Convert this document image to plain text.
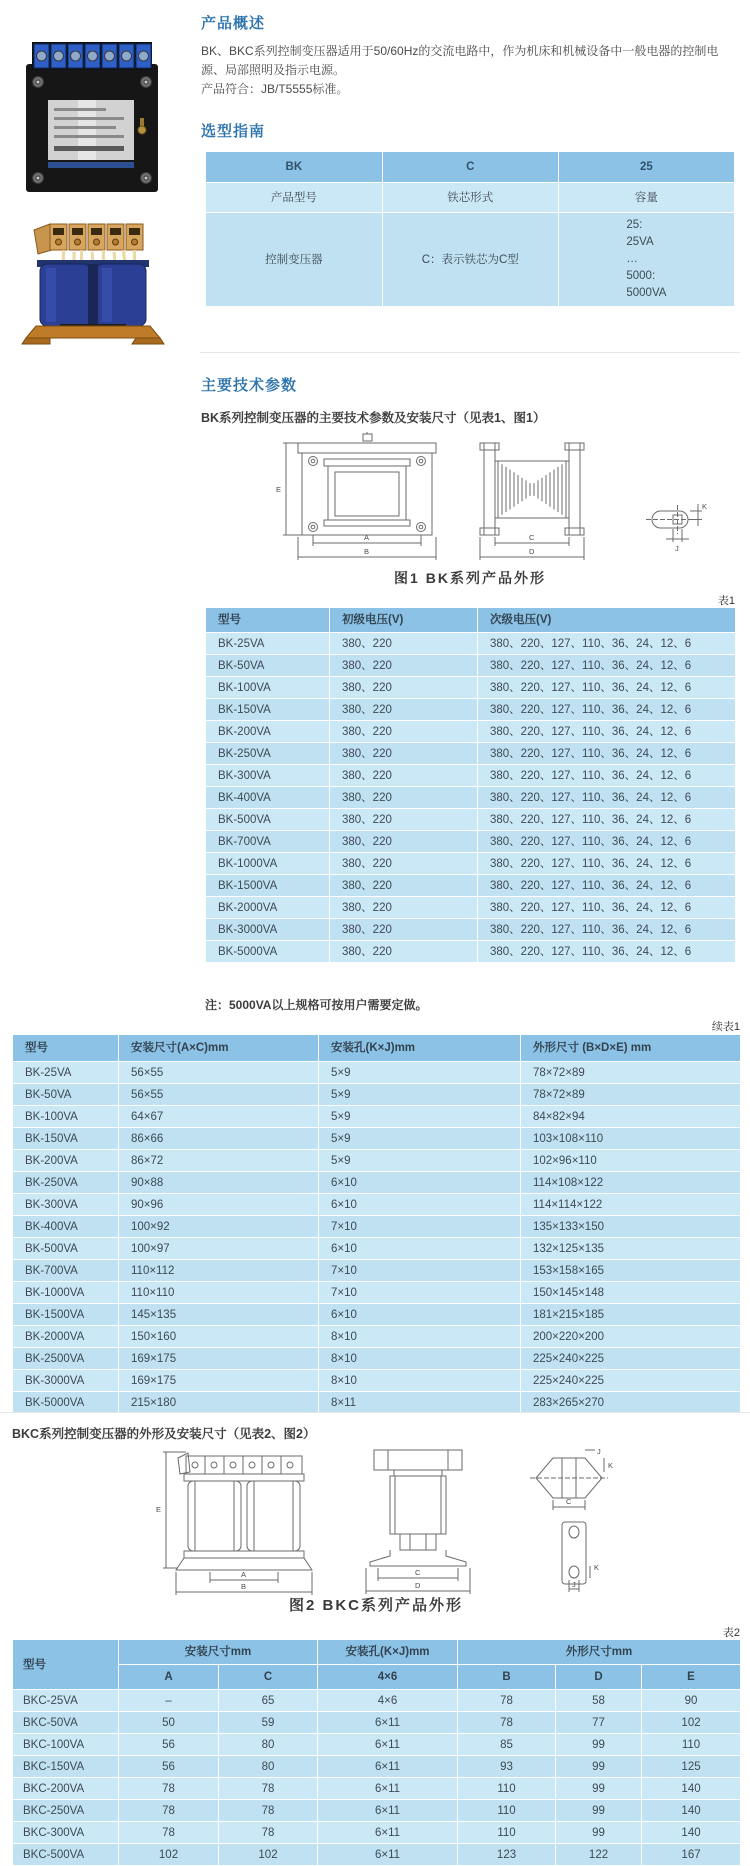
产品概述
BK、BKC系列控制变压器适用于50/60Hz的交流电路中，作为机床和机械设备中一般电器的控制电源、局部照明及指示电源。
产品符合：JB/T5555标准。
选型指南
BK	C	25
产品型号	铁芯形式	容量
控制变压器	C：表示铁芯为C型	25:
25VA
…
5000:
5000VA
主要技术参数
BK系列控制变压器的主要技术参数及安装尺寸（见表1、图1）
E
A
B
C
D
K
J
图1 BK系列产品外形
表1
型号	初级电压(V)	次级电压(V)
BK-25VA	380、220	380、220、127、110、36、24、12、6
BK-50VA	380、220	380、220、127、110、36、24、12、6
BK-100VA	380、220	380、220、127、110、36、24、12、6
BK-150VA	380、220	380、220、127、110、36、24、12、6
BK-200VA	380、220	380、220、127、110、36、24、12、6
BK-250VA	380、220	380、220、127、110、36、24、12、6
BK-300VA	380、220	380、220、127、110、36、24、12、6
BK-400VA	380、220	380、220、127、110、36、24、12、6
BK-500VA	380、220	380、220、127、110、36、24、12、6
BK-700VA	380、220	380、220、127、110、36、24、12、6
BK-1000VA	380、220	380、220、127、110、36、24、12、6
BK-1500VA	380、220	380、220、127、110、36、24、12、6
BK-2000VA	380、220	380、220、127、110、36、24、12、6
BK-3000VA	380、220	380、220、127、110、36、24、12、6
BK-5000VA	380、220	380、220、127、110、36、24、12、6
注：5000VA以上规格可按用户需要定做。
续表1
型号	安装尺寸(A×C)mm	安装孔(K×J)mm	外形尺寸 (B×D×E) mm
BK-25VA	56×55	5×9	78×72×89
BK-50VA	56×55	5×9	78×72×89
BK-100VA	64×67	5×9	84×82×94
BK-150VA	86×66	5×9	103×108×110
BK-200VA	86×72	5×9	102×96×110
BK-250VA	90×88	6×10	114×108×122
BK-300VA	90×96	6×10	114×114×122
BK-400VA	100×92	7×10	135×133×150
BK-500VA	100×97	6×10	132×125×135
BK-700VA	110×112	7×10	153×158×165
BK-1000VA	110×110	7×10	150×145×148
BK-1500VA	145×135	6×10	181×215×185
BK-2000VA	150×160	8×10	200×220×200
BK-2500VA	169×175	8×10	225×240×225
BK-3000VA	169×175	8×10	225×240×225
BK-5000VA	215×180	8×11	283×265×270
BKC系列控制变压器的外形及安装尺寸（见表2、图2）
E
A
B
C
D
J
K
C
K
J
图2 BKC系列产品外形
表2
型号	安装尺寸mm		安装孔(K×J)mm	外形尺寸mm		
	A	C	4×6	B	D	E
BKC-25VA	–	65	4×6	78	58	90
BKC-50VA	50	59	6×11	78	77	102
BKC-100VA	56	80	6×11	85	99	110
BKC-150VA	56	80	6×11	93	99	125
BKC-200VA	78	78	6×11	110	99	140
BKC-250VA	78	78	6×11	110	99	140
BKC-300VA	78	78	6×11	110	99	140
BKC-500VA	102	102	6×11	123	122	167
